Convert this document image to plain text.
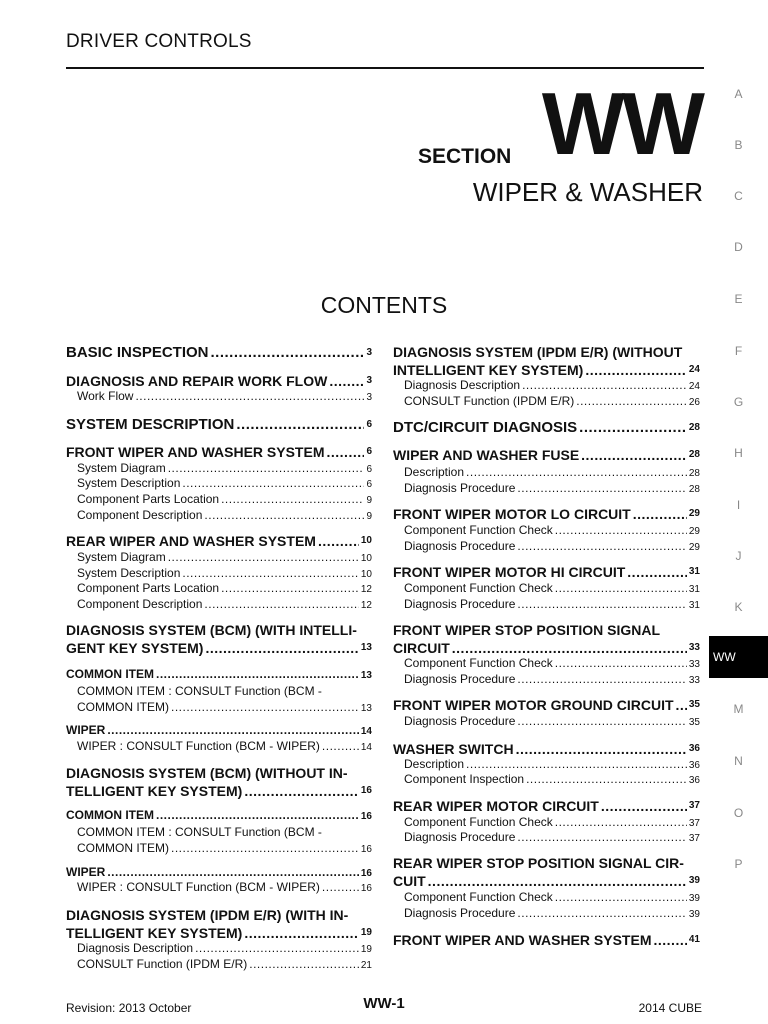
DRIVER CONTROLS
SECTION WW
WIPER & WASHER
CONTENTS
A
B
C
D
E
F
G
H
I
J
K
WW
M
N
O
P
BASIC INSPECTION .....	3
DIAGNOSIS AND REPAIR WORK FLOW .....	3
Work Flow .....	3
SYSTEM DESCRIPTION .....	6
FRONT WIPER AND WASHER SYSTEM .....	6
System Diagram .....	6
System Description .....	6
Component Parts Location .....	9
Component Description .....	9
REAR WIPER AND WASHER SYSTEM .....	10
System Diagram .....	10
System Description .....	10
Component Parts Location .....	12
Component Description .....	12
DIAGNOSIS SYSTEM (BCM) (WITH INTELLI-
GENT KEY SYSTEM) .....	13
COMMON ITEM .....	13
COMMON ITEM : CONSULT Function (BCM -
COMMON ITEM) .....	13
WIPER .....	14
WIPER : CONSULT Function (BCM - WIPER) .....	14
DIAGNOSIS SYSTEM (BCM) (WITHOUT IN-
TELLIGENT KEY SYSTEM) .....	16
COMMON ITEM .....	16
COMMON ITEM : CONSULT Function (BCM -
COMMON ITEM) .....	16
WIPER .....	16
WIPER : CONSULT Function (BCM - WIPER) .....	16
DIAGNOSIS SYSTEM (IPDM E/R) (WITH IN-
TELLIGENT KEY SYSTEM) .....	19
Diagnosis Description .....	19
CONSULT Function (IPDM E/R) .....	21
DIAGNOSIS SYSTEM (IPDM E/R) (WITHOUT
INTELLIGENT KEY SYSTEM) .....	24
Diagnosis Description .....	24
CONSULT Function (IPDM E/R) .....	26
DTC/CIRCUIT DIAGNOSIS .....	28
WIPER AND WASHER FUSE .....	28
Description .....	28
Diagnosis Procedure .....	28
FRONT WIPER MOTOR LO CIRCUIT .....	29
Component Function Check .....	29
Diagnosis Procedure .....	29
FRONT WIPER MOTOR HI CIRCUIT .....	31
Component Function Check .....	31
Diagnosis Procedure .....	31
FRONT WIPER STOP POSITION SIGNAL
CIRCUIT .....	33
Component Function Check .....	33
Diagnosis Procedure .....	33
FRONT WIPER MOTOR GROUND CIRCUIT ..... 35
Diagnosis Procedure .....	35
WASHER SWITCH .....	36
Description .....	36
Component Inspection .....	36
REAR WIPER MOTOR CIRCUIT .....	37
Component Function Check .....	37
Diagnosis Procedure .....	37
REAR WIPER STOP POSITION SIGNAL CIR-
CUIT .....	39
Component Function Check .....	39
Diagnosis Procedure .....	39
FRONT WIPER AND WASHER SYSTEM .....	41
Revision: 2013 October	WW-1	2014 CUBE
